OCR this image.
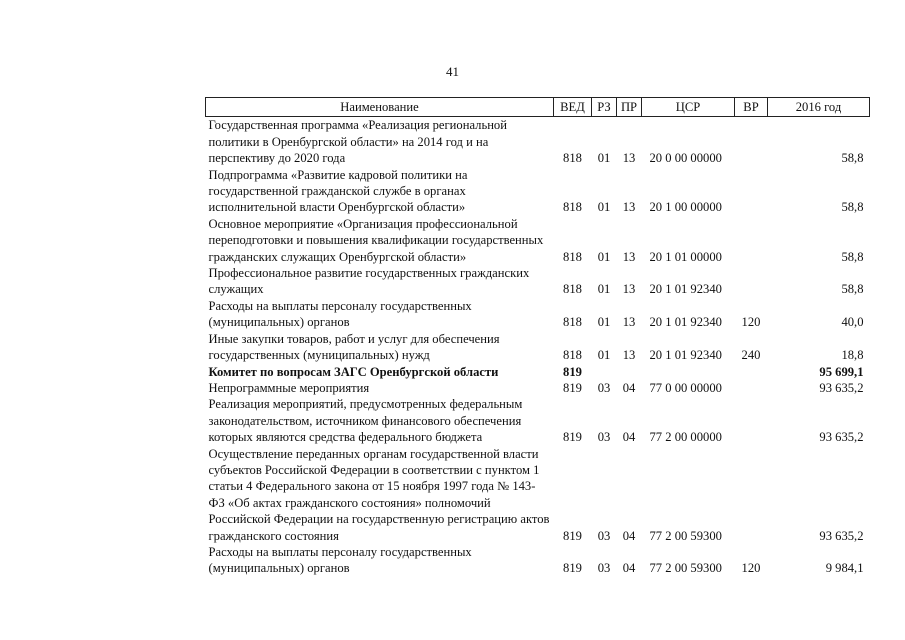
41
Наименование	ВЕД	РЗ	ПР	ЦСР	ВР	2016 год
Государственная программа «Реализация региональной политики в Оренбургской области» на 2014 год и на перспективу до 2020 года	818	01	13	20 0 00 00000		58,8
Подпрограмма «Развитие кадровой политики на государственной гражданской службе в органах исполнительной власти Оренбургской области»	818	01	13	20 1 00 00000		58,8
Основное мероприятие «Организация профессиональной переподготовки и повышения квалификации государственных гражданских служащих Оренбургской области»	818	01	13	20 1 01 00000		58,8
Профессиональное развитие государственных гражданских служащих	818	01	13	20 1 01 92340		58,8
Расходы на выплаты персоналу государственных (муниципальных) органов	818	01	13	20 1 01 92340	120	40,0
Иные закупки товаров, работ и услуг для обеспечения государственных (муниципальных) нужд	818	01	13	20 1 01 92340	240	18,8
Комитет по вопросам ЗАГС Оренбургской области	819					95 699,1
Непрограммные мероприятия	819	03	04	77 0 00 00000		93 635,2
Реализация мероприятий, предусмотренных федеральным законодательством, источником финансового обеспечения которых являются средства федерального бюджета	819	03	04	77 2 00 00000		93 635,2
Осуществление переданных органам государственной власти субъектов Российской Федерации в соответствии с пунктом 1 статьи 4 Федерального закона от 15 ноября 1997 года № 143-ФЗ «Об актах гражданского состояния» полномочий Российской Федерации на государственную регистрацию актов гражданского состояния	819	03	04	77 2 00 59300		93 635,2
Расходы на выплаты персоналу государственных (муниципальных) органов	819	03	04	77 2 00 59300	120	9 984,1
